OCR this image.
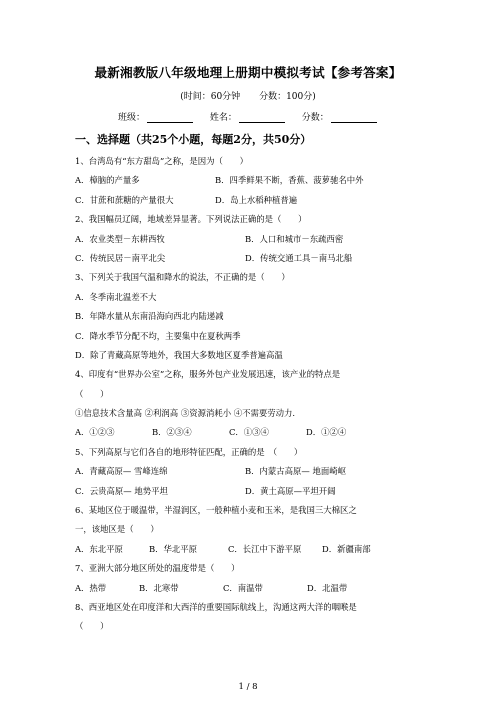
最新湘教版八年级地理上册期中模拟考试【参考答案】
(时间：60分钟 分数：100分)
班级：	姓名：	分数：
一、选择题（共25个小题，每题2分，共50分）
1、台湾岛有“东方甜岛”之称，是因为（　　）
A．樟脑的产量多	B．四季鲜果不断，香蕉、菠萝驰名中外
C．甘蔗和蔗糖的产量很大	D．岛上水稻种植普遍
2、我国幅员辽阔，地域差异显著。下列说法正确的是（　　）
A．农业类型－东耕西牧	B．人口和城市－东疏西密
C．传统民居－南平北尖	D．传统交通工具－南马北船
3、下列关于我国气温和降水的说法，不正确的是（　　）
A．冬季南北温差不大
B．年降水量从东南沿海向西北内陆递减
C．降水季节分配不均，主要集中在夏秋两季
D．除了青藏高原等地外，我国大多数地区夏季普遍高温
4、印度有“世界办公室”之称，服务外包产业发展迅速，该产业的特点是
（　　）
①信息技术含量高 ②利润高 ③资源消耗小 ④不需要劳动力.
A．①②③	B．②③④	C．①③④	D．①②④
5、下列高原与它们各自的地形特征匹配，正确的是　（　　）
A．青藏高原— 雪峰连绵	B．内蒙古高原— 地面崎岖
C．云贵高原— 地势平坦	D．黄土高原—平坦开阔
6、某地区位于暖温带，半湿润区，一般种植小麦和玉米，是我国三大棉区之
一，该地区是（　　）
A．东北平原	B．华北平原	C．长江中下游平原	D．新疆南部
7、亚洲大部分地区所处的温度带是（　　）
A．热带	B．北寒带	C．南温带	D．北温带
8、西亚地区处在印度洋和大西洋的重要国际航线上，沟通这两大洋的咽喉是
（　　）
1 / 8
